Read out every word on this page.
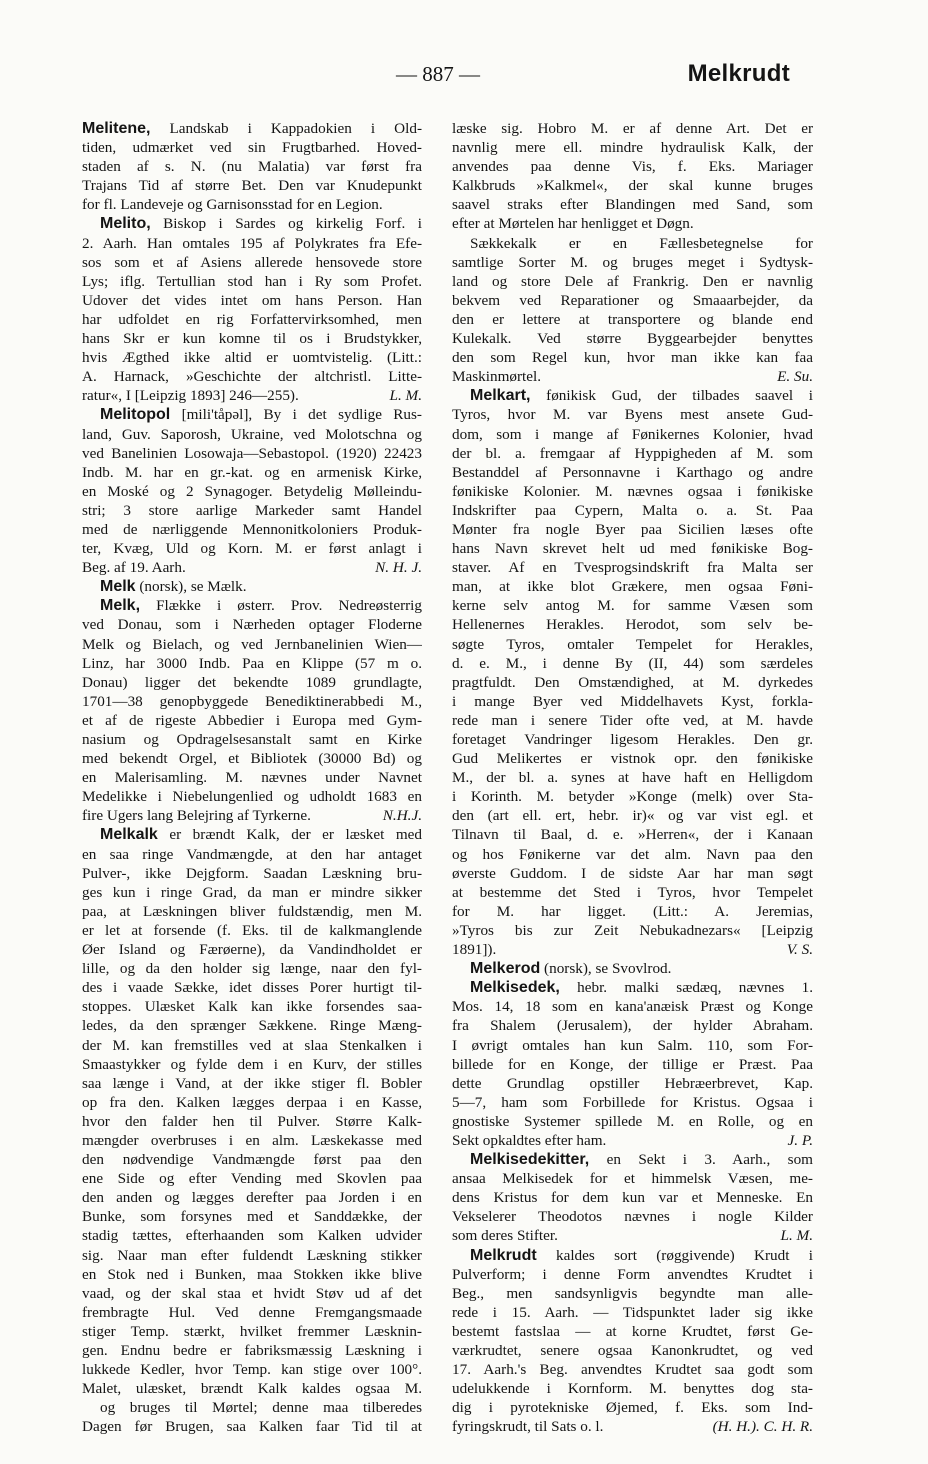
— 887 —	Melkrudt
Melitene, Landskab i Kappadokien i Old-
tiden, udmærket ved sin Frugtbarhed. Hoved-
staden af s. N. (nu Malatia) var først fra
Trajans Tid af større Bet. Den var Knudepunkt
for fl. Landeveje og Garnisonsstad for en Legion.
Melito, Biskop i Sardes og kirkelig Forf. i
2. Aarh. Han omtales 195 af Polykrates fra Efe-
sos som et af Asiens allerede hensovede store
Lys; iflg. Tertullian stod han i Ry som Profet.
Udover det vides intet om hans Person. Han
har udfoldet en rig Forfattervirksomhed, men
hans Skr er kun komne til os i Brudstykker,
hvis Ægthed ikke altid er uomtvistelig. (Litt.:
A. Harnack, »Geschichte der altchristl. Litte-
ratur«, I [Leipzig 1893] 246—255).	L. M.
Melitopol [mili'tåpəl], By i det sydlige Rus-
land, Guv. Saporosh, Ukraine, ved Molotschna og
ved Banelinien Losowaja—Sebastopol. (1920) 22423
Indb. M. har en gr.-kat. og en armenisk Kirke,
en Moské og 2 Synagoger. Betydelig Mølleindu-
stri; 3 store aarlige Markeder samt Handel
med de nærliggende Mennonitkoloniers Produk-
ter, Kvæg, Uld og Korn. M. er først anlagt i
Beg. af 19. Aarh.	N. H. J.
Melk (norsk), se Mælk.
Melk, Flække i østerr. Prov. Nedreøsterrig
ved Donau, som i Nærheden optager Floderne
Melk og Bielach, og ved Jernbanelinien Wien—
Linz, har 3000 Indb. Paa en Klippe (57 m o.
Donau) ligger det bekendte 1089 grundlagte,
1701—38 genopbyggede Benediktinerabbedi M.,
et af de rigeste Abbedier i Europa med Gym-
nasium og Opdragelsesanstalt samt en Kirke
med bekendt Orgel, et Bibliotek (30000 Bd) og
en Malerisamling. M. nævnes under Navnet
Medelikke i Niebelungenlied og udholdt 1683 en
fire Ugers lang Belejring af Tyrkerne.	N.H.J.
Melkalk er brændt Kalk, der er læsket med
en saa ringe Vandmængde, at den har antaget
Pulver-, ikke Dejgform. Saadan Læskning bru-
ges kun i ringe Grad, da man er mindre sikker
paa, at Læskningen bliver fuldstændig, men M.
er let at forsende (f. Eks. til de kalkmanglende
Øer Island og Færøerne), da Vandindholdet er
lille, og da den holder sig længe, naar den fyl-
des i vaade Sække, idet disses Porer hurtigt til-
stoppes. Ulæsket Kalk kan ikke forsendes saa-
ledes, da den sprænger Sækkene. Ringe Mæng-
der M. kan fremstilles ved at slaa Stenkalken i
Smaastykker og fylde dem i en Kurv, der stilles
saa længe i Vand, at der ikke stiger fl. Bobler
op fra den. Kalken lægges derpaa i en Kasse,
hvor den falder hen til Pulver. Større Kalk-
mængder overbruses i en alm. Læskekasse med
den nødvendige Vandmængde først paa den
ene Side og efter Vending med Skovlen paa
den anden og lægges derefter paa Jorden i en
Bunke, som forsynes med et Sanddække, der
stadig tættes, efterhaanden som Kalken udvider
sig. Naar man efter fuldendt Læskning stikker
en Stok ned i Bunken, maa Stokken ikke blive
vaad, og der skal staa et hvidt Støv ud af det
frembragte Hul. Ved denne Fremgangsmaade
stiger Temp. stærkt, hvilket fremmer Læsknin-
gen. Endnu bedre er fabriksmæssig Læskning i
lukkede Kedler, hvor Temp. kan stige over 100°.
Malet, ulæsket, brændt Kalk kaldes ogsaa M.
og bruges til Mørtel; denne maa tilberedes
Dagen før Brugen, saa Kalken faar Tid til at
læske sig. Hobro M. er af denne Art. Det er
navnlig mere ell. mindre hydraulisk Kalk, der
anvendes paa denne Vis, f. Eks. Mariager
Kalkbruds »Kalkmel«, der skal kunne bruges
saavel straks efter Blandingen med Sand, som
efter at Mørtelen har henligget et Døgn.
Sækkekalk er en Fællesbetegnelse for
samtlige Sorter M. og bruges meget i Sydtysk-
land og store Dele af Frankrig. Den er navnlig
bekvem ved Reparationer og Smaaarbejder, da
den er lettere at transportere og blande end
Kulekalk. Ved større Byggearbejder benyttes
den som Regel kun, hvor man ikke kan faa
Maskinmørtel.	E. Su.
Melkart, fønikisk Gud, der tilbades saavel i
Tyros, hvor M. var Byens mest ansete Gud-
dom, som i mange af Fønikernes Kolonier, hvad
der bl. a. fremgaar af Hyppigheden af M. som
Bestanddel af Personnavne i Karthago og andre
fønikiske Kolonier. M. nævnes ogsaa i fønikiske
Indskrifter paa Cypern, Malta o. a. St. Paa
Mønter fra nogle Byer paa Sicilien læses ofte
hans Navn skrevet helt ud med fønikiske Bog-
staver. Af en Tvesprogsindskrift fra Malta ser
man, at ikke blot Grækere, men ogsaa Føni-
kerne selv antog M. for samme Væsen som
Hellenernes Herakles. Herodot, som selv be-
søgte Tyros, omtaler Tempelet for Herakles,
d. e. M., i denne By (II, 44) som særdeles
pragtfuldt. Den Omstændighed, at M. dyrkedes
i mange Byer ved Middelhavets Kyst, forkla-
rede man i senere Tider ofte ved, at M. havde
foretaget Vandringer ligesom Herakles. Den gr.
Gud Melikertes er vistnok opr. den fønikiske
M., der bl. a. synes at have haft en Helligdom
i Korinth. M. betyder »Konge (melk) over Sta-
den (art ell. ert, hebr. ir)« og var vist egl. et
Tilnavn til Baal, d. e. »Herren«, der i Kanaan
og hos Fønikerne var det alm. Navn paa den
øverste Guddom. I de sidste Aar har man søgt
at bestemme det Sted i Tyros, hvor Tempelet
for M. har ligget. (Litt.: A. Jeremias,
»Tyros bis zur Zeit Nebukadnezars« [Leipzig
1891]).	V. S.
Melkerod (norsk), se Svovlrod.
Melkisedek, hebr. malki sædæq, nævnes 1.
Mos. 14, 18 som en kana'anæisk Præst og Konge
fra Shalem (Jerusalem), der hylder Abraham.
I øvrigt omtales han kun Salm. 110, som For-
billede for en Konge, der tillige er Præst. Paa
dette Grundlag opstiller Hebræerbrevet, Kap.
5—7, ham som Forbillede for Kristus. Ogsaa i
gnostiske Systemer spillede M. en Rolle, og en
Sekt opkaldtes efter ham.	J. P.
Melkisedekitter, en Sekt i 3. Aarh., som
ansaa Melkisedek for et himmelsk Væsen, me-
dens Kristus for dem kun var et Menneske. En
Vekselerer Theodotos nævnes i nogle Kilder
som deres Stifter.	L. M.
Melkrudt kaldes sort (røggivende) Krudt i
Pulverform; i denne Form anvendtes Krudtet i
Beg., men sandsynligvis begyndte man alle-
rede i 15. Aarh. — Tidspunktet lader sig ikke
bestemt fastslaa — at korne Krudtet, først Ge-
værkrudtet, senere ogsaa Kanonkrudtet, og ved
17. Aarh.'s Beg. anvendtes Krudtet saa godt som
udelukkende i Kornform. M. benyttes dog sta-
dig i pyrotekniske Øjemed, f. Eks. som Ind-
fyringskrudt, til Sats o. l.	(H. H.). C. H. R.
